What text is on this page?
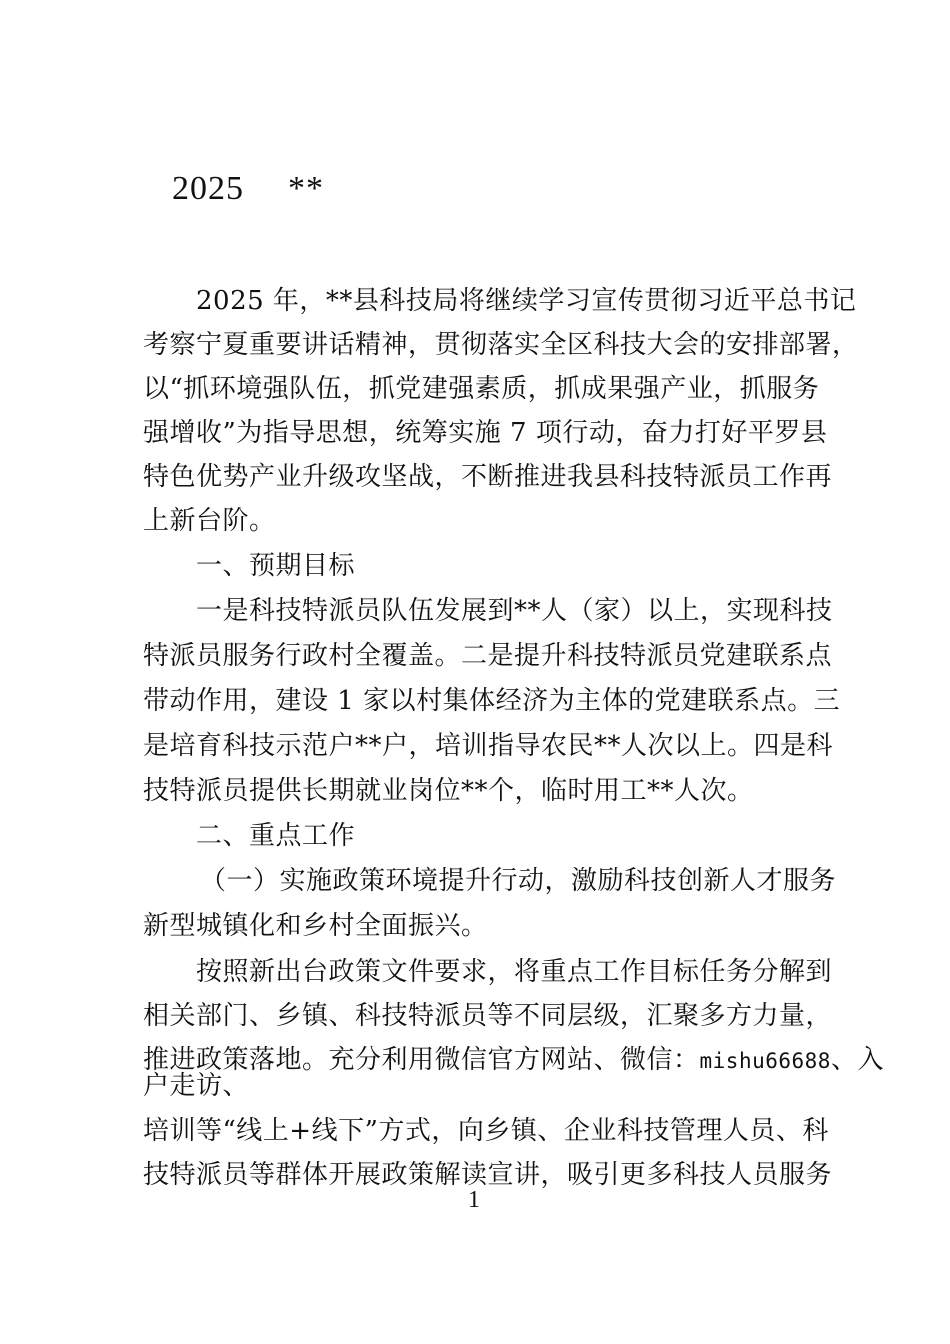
2025 **
2025 年，**县科技局将继续学习宣传贯彻习近平总书记
考察宁夏重要讲话精神，贯彻落实全区科技大会的安排部署，
以“抓环境强队伍，抓党建强素质，抓成果强产业，抓服务
强增收”为指导思想，统筹实施 7 项行动，奋力打好平罗县
特色优势产业升级攻坚战，不断推进我县科技特派员工作再
上新台阶。
一、预期目标
一是科技特派员队伍发展到**人（家）以上，实现科技
特派员服务行政村全覆盖。二是提升科技特派员党建联系点
带动作用，建设 1 家以村集体经济为主体的党建联系点。三
是培育科技示范户**户，培训指导农民**人次以上。四是科
技特派员提供长期就业岗位**个，临时用工**人次。
二、重点工作
（一）实施政策环境提升行动，激励科技创新人才服务
新型城镇化和乡村全面振兴。
按照新出台政策文件要求，将重点工作目标任务分解到
相关部门、乡镇、科技特派员等不同层级，汇聚多方力量，
推进政策落地。充分利用微信官方网站、微信：mishu66688、入
户走访、
培训等“线上+线下”方式，向乡镇、企业科技管理人员、科
技特派员等群体开展政策解读宣讲，吸引更多科技人员服务
1
